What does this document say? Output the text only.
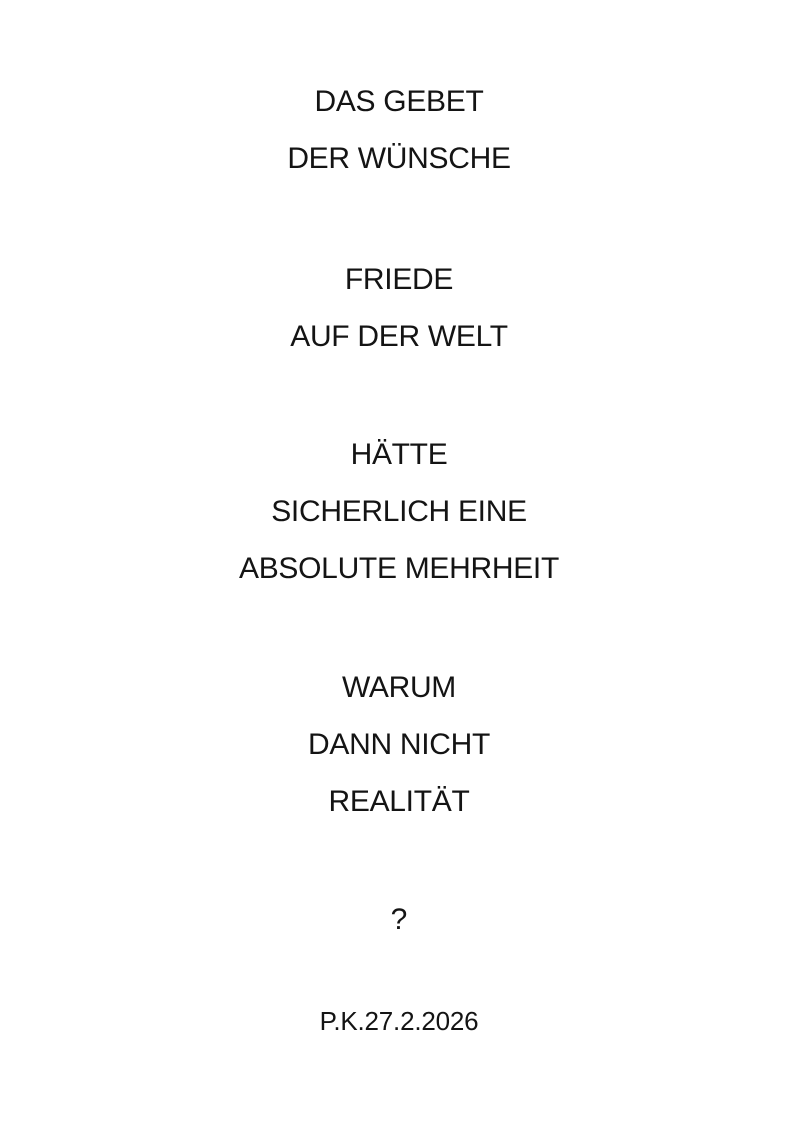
DAS GEBET
DER WÜNSCHE
FRIEDE
AUF DER WELT
HÄTTE
SICHERLICH EINE
ABSOLUTE MEHRHEIT
WARUM
DANN NICHT
REALITÄT
?
P.K.27.2.2026
